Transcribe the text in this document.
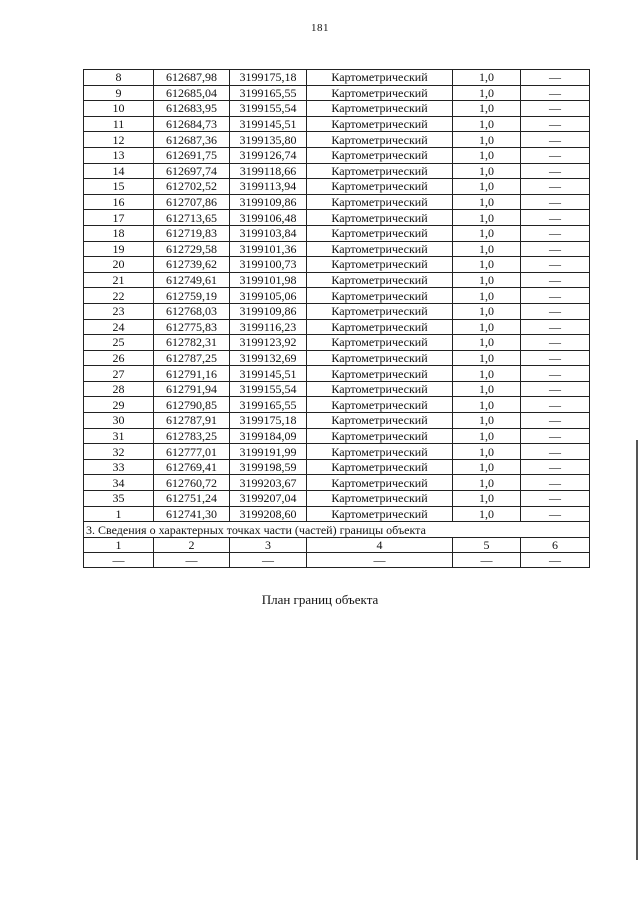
181
8	612687,98	3199175,18	Картометрический	1,0	—
9	612685,04	3199165,55	Картометрический	1,0	—
10	612683,95	3199155,54	Картометрический	1,0	—
11	612684,73	3199145,51	Картометрический	1,0	—
12	612687,36	3199135,80	Картометрический	1,0	—
13	612691,75	3199126,74	Картометрический	1,0	—
14	612697,74	3199118,66	Картометрический	1,0	—
15	612702,52	3199113,94	Картометрический	1,0	—
16	612707,86	3199109,86	Картометрический	1,0	—
17	612713,65	3199106,48	Картометрический	1,0	—
18	612719,83	3199103,84	Картометрический	1,0	—
19	612729,58	3199101,36	Картометрический	1,0	—
20	612739,62	3199100,73	Картометрический	1,0	—
21	612749,61	3199101,98	Картометрический	1,0	—
22	612759,19	3199105,06	Картометрический	1,0	—
23	612768,03	3199109,86	Картометрический	1,0	—
24	612775,83	3199116,23	Картометрический	1,0	—
25	612782,31	3199123,92	Картометрический	1,0	—
26	612787,25	3199132,69	Картометрический	1,0	—
27	612791,16	3199145,51	Картометрический	1,0	—
28	612791,94	3199155,54	Картометрический	1,0	—
29	612790,85	3199165,55	Картометрический	1,0	—
30	612787,91	3199175,18	Картометрический	1,0	—
31	612783,25	3199184,09	Картометрический	1,0	—
32	612777,01	3199191,99	Картометрический	1,0	—
33	612769,41	3199198,59	Картометрический	1,0	—
34	612760,72	3199203,67	Картометрический	1,0	—
35	612751,24	3199207,04	Картометрический	1,0	—
1	612741,30	3199208,60	Картометрический	1,0	—
3. Сведения о характерных точках части (частей) границы объекта					
1	2	3	4	5	6
—	—	—	—	—	—
План границ объекта
